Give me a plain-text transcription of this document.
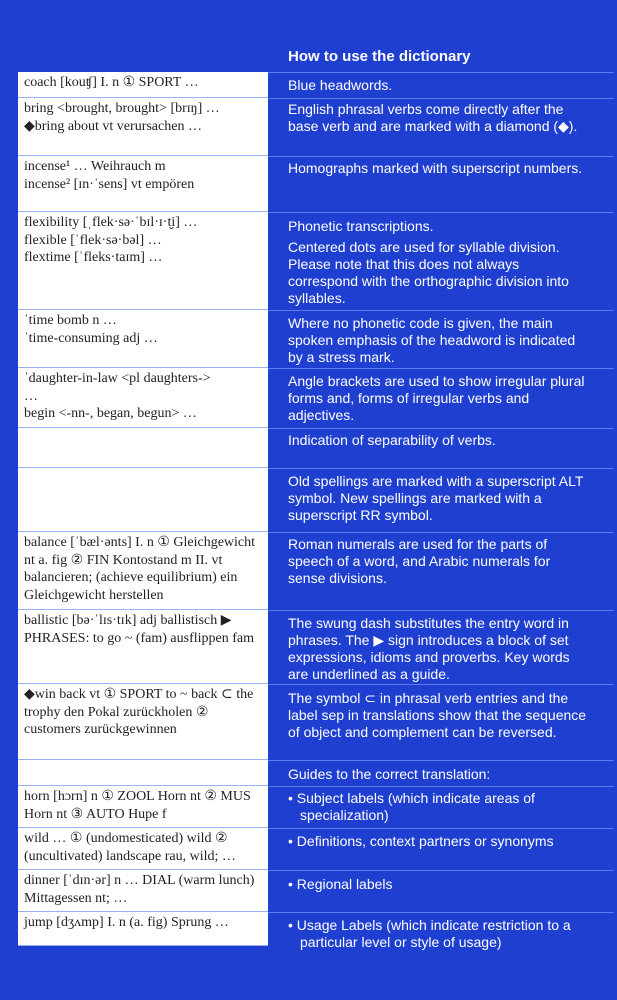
How to use the dictionary
coach [kouʧ] I. n ① SPORT …	Blue headwords.
bring <brought, brought> [brɪŋ] …
◆bring about vt verursachen …
English phrasal verbs come directly after the base verb and are marked with a diamond (◆).
incense¹ … Weihrauch m
incense² [ɪn·ˈsens] vt empören
Homographs marked with superscript numbers.
flexibility [ˌflek·sə·ˈbɪl·ɪ·t̬i] …
flexible [ˈflek·sə·bəl] …
flextime [ˈfleks·taɪm] …
Phonetic transcriptions.
Centered dots are used for syllable division. Please note that this does not always correspond with the orthographic division into syllables.
ˈtime bomb n …
ˈtime-consuming adj …
Where no phonetic code is given, the main spoken emphasis of the headword is indicated by a stress mark.
ˈdaughter-in-law <pl daughters->
…
begin <-nn-, began, begun> …
Angle brackets are used to show irregular plural forms and, forms of irregular verbs and adjectives.
Indication of separability of verbs.
Old spellings are marked with a superscript ALT symbol. New spellings are marked with a superscript RR symbol.
balance [ˈbæl·ənts] I. n ① Gleichgewicht nt a. fig ② FIN Kontostand m II. vt balancieren; (achieve equilibrium) ein Gleichgewicht herstellen
Roman numerals are used for the parts of speech of a word, and Arabic numerals for sense divisions.
ballistic [bə·ˈlɪs·tɪk] adj ballistisch ▶ PHRASES: to go ~ (fam) ausflippen fam
The swung dash substitutes the entry word in phrases. The ▶ sign introduces a block of set expressions, idioms and proverbs. Key words are underlined as a guide.
◆win back vt ① SPORT to ~ back ⊂ the trophy den Pokal zurückholen ② customers zurückgewinnen
The symbol ⊂ in phrasal verb entries and the label sep in translations show that the sequence of object and complement can be reversed.
Guides to the correct translation:
horn [hɔrn] n ① ZOOL Horn nt ② MUS Horn nt ③ AUTO Hupe f
• Subject labels (which indicate areas of specialization)
wild … ① (undomesticated) wild ② (uncultivated) landscape rau, wild; …
• Definitions, context partners or synonyms
dinner [ˈdɪn·ər] n … DIAL (warm lunch) Mittagessen nt; …
• Regional labels
jump [dʒʌmp] I. n (a. fig) Sprung …	• Usage Labels (which indicate restriction to a particular level or style of usage)
